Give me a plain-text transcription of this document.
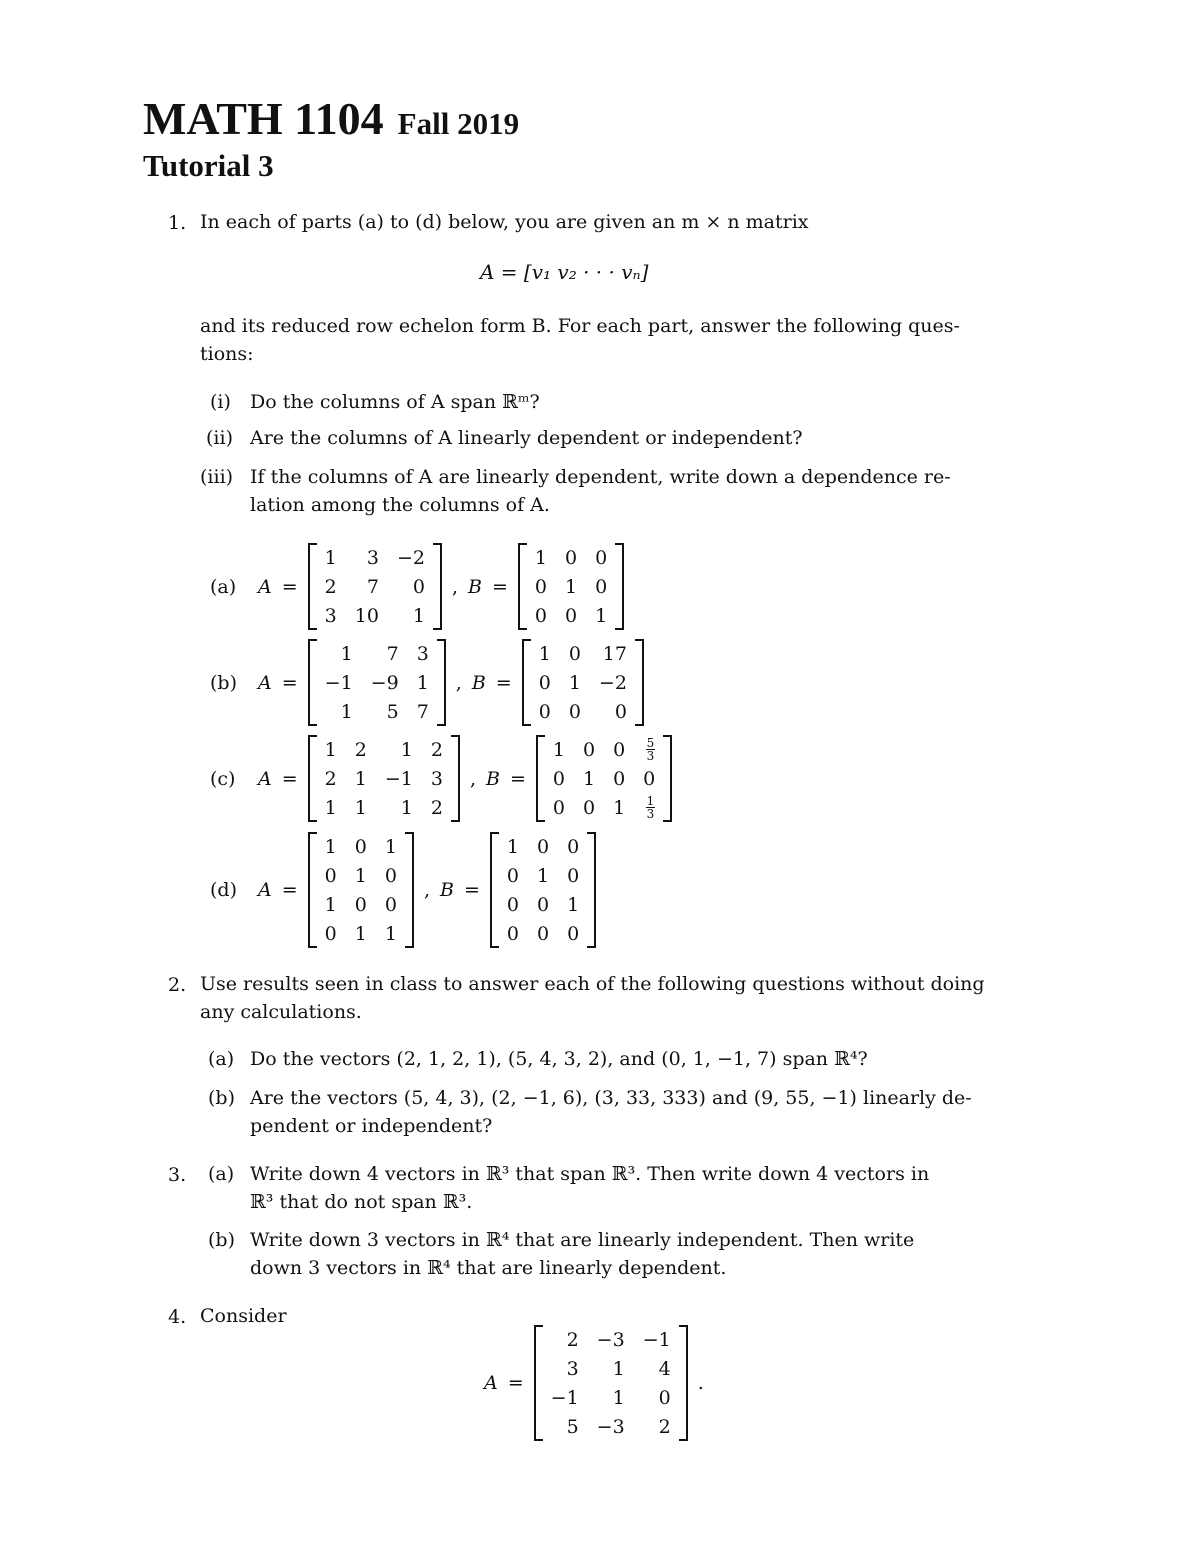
MATH 1104 Fall 2019
Tutorial 3
1. In each of parts (a) to (d) below, you are given an m × n matrix
A = [v₁ v₂ · · · vₙ]
and its reduced row echelon form B. For each part, answer the following ques-
tions:
(i) Do the columns of A span ℝᵐ?
(ii) Are the columns of A linearly dependent or independent?
(iii) If the columns of A are linearly dependent, write down a dependence re-
lation among the columns of A.
(a)	A =
1	3	−2
2	7	0
3	10	1
, B =
1	0	0
0	1	0
0	0	1
(b)	A =
1	7	3
−1	−9	1
1	5	7
, B =
1	0	17
0	1	−2
0	0	0
(c)	A =
1	2	1	2
2	1	−1	3
1	1	1	2
, B =
1	0	0	$\frac{5}{3}$

0	1	0	0
0	0	1	$\frac{1}{3}$
(d)	A =
1	0	1
0	1	0
1	0	0
0	1	1
, B =
1	0	0
0	1	0
0	0	1
0	0	0
2. Use results seen in class to answer each of the following questions without doing
any calculations.
(a) Do the vectors (2, 1, 2, 1), (5, 4, 3, 2), and (0, 1, −1, 7) span ℝ⁴?
(b) Are the vectors (5, 4, 3), (2, −1, 6), (3, 33, 333) and (9, 55, −1) linearly de-
pendent or independent?
3. (a) Write down 4 vectors in ℝ³ that span ℝ³. Then write down 4 vectors in
ℝ³ that do not span ℝ³.
(b) Write down 3 vectors in ℝ⁴ that are linearly independent. Then write
down 3 vectors in ℝ⁴ that are linearly dependent.
4. Consider
A =
2	−3	−1
3	1	4
−1	1	0
5	−3	2
.
